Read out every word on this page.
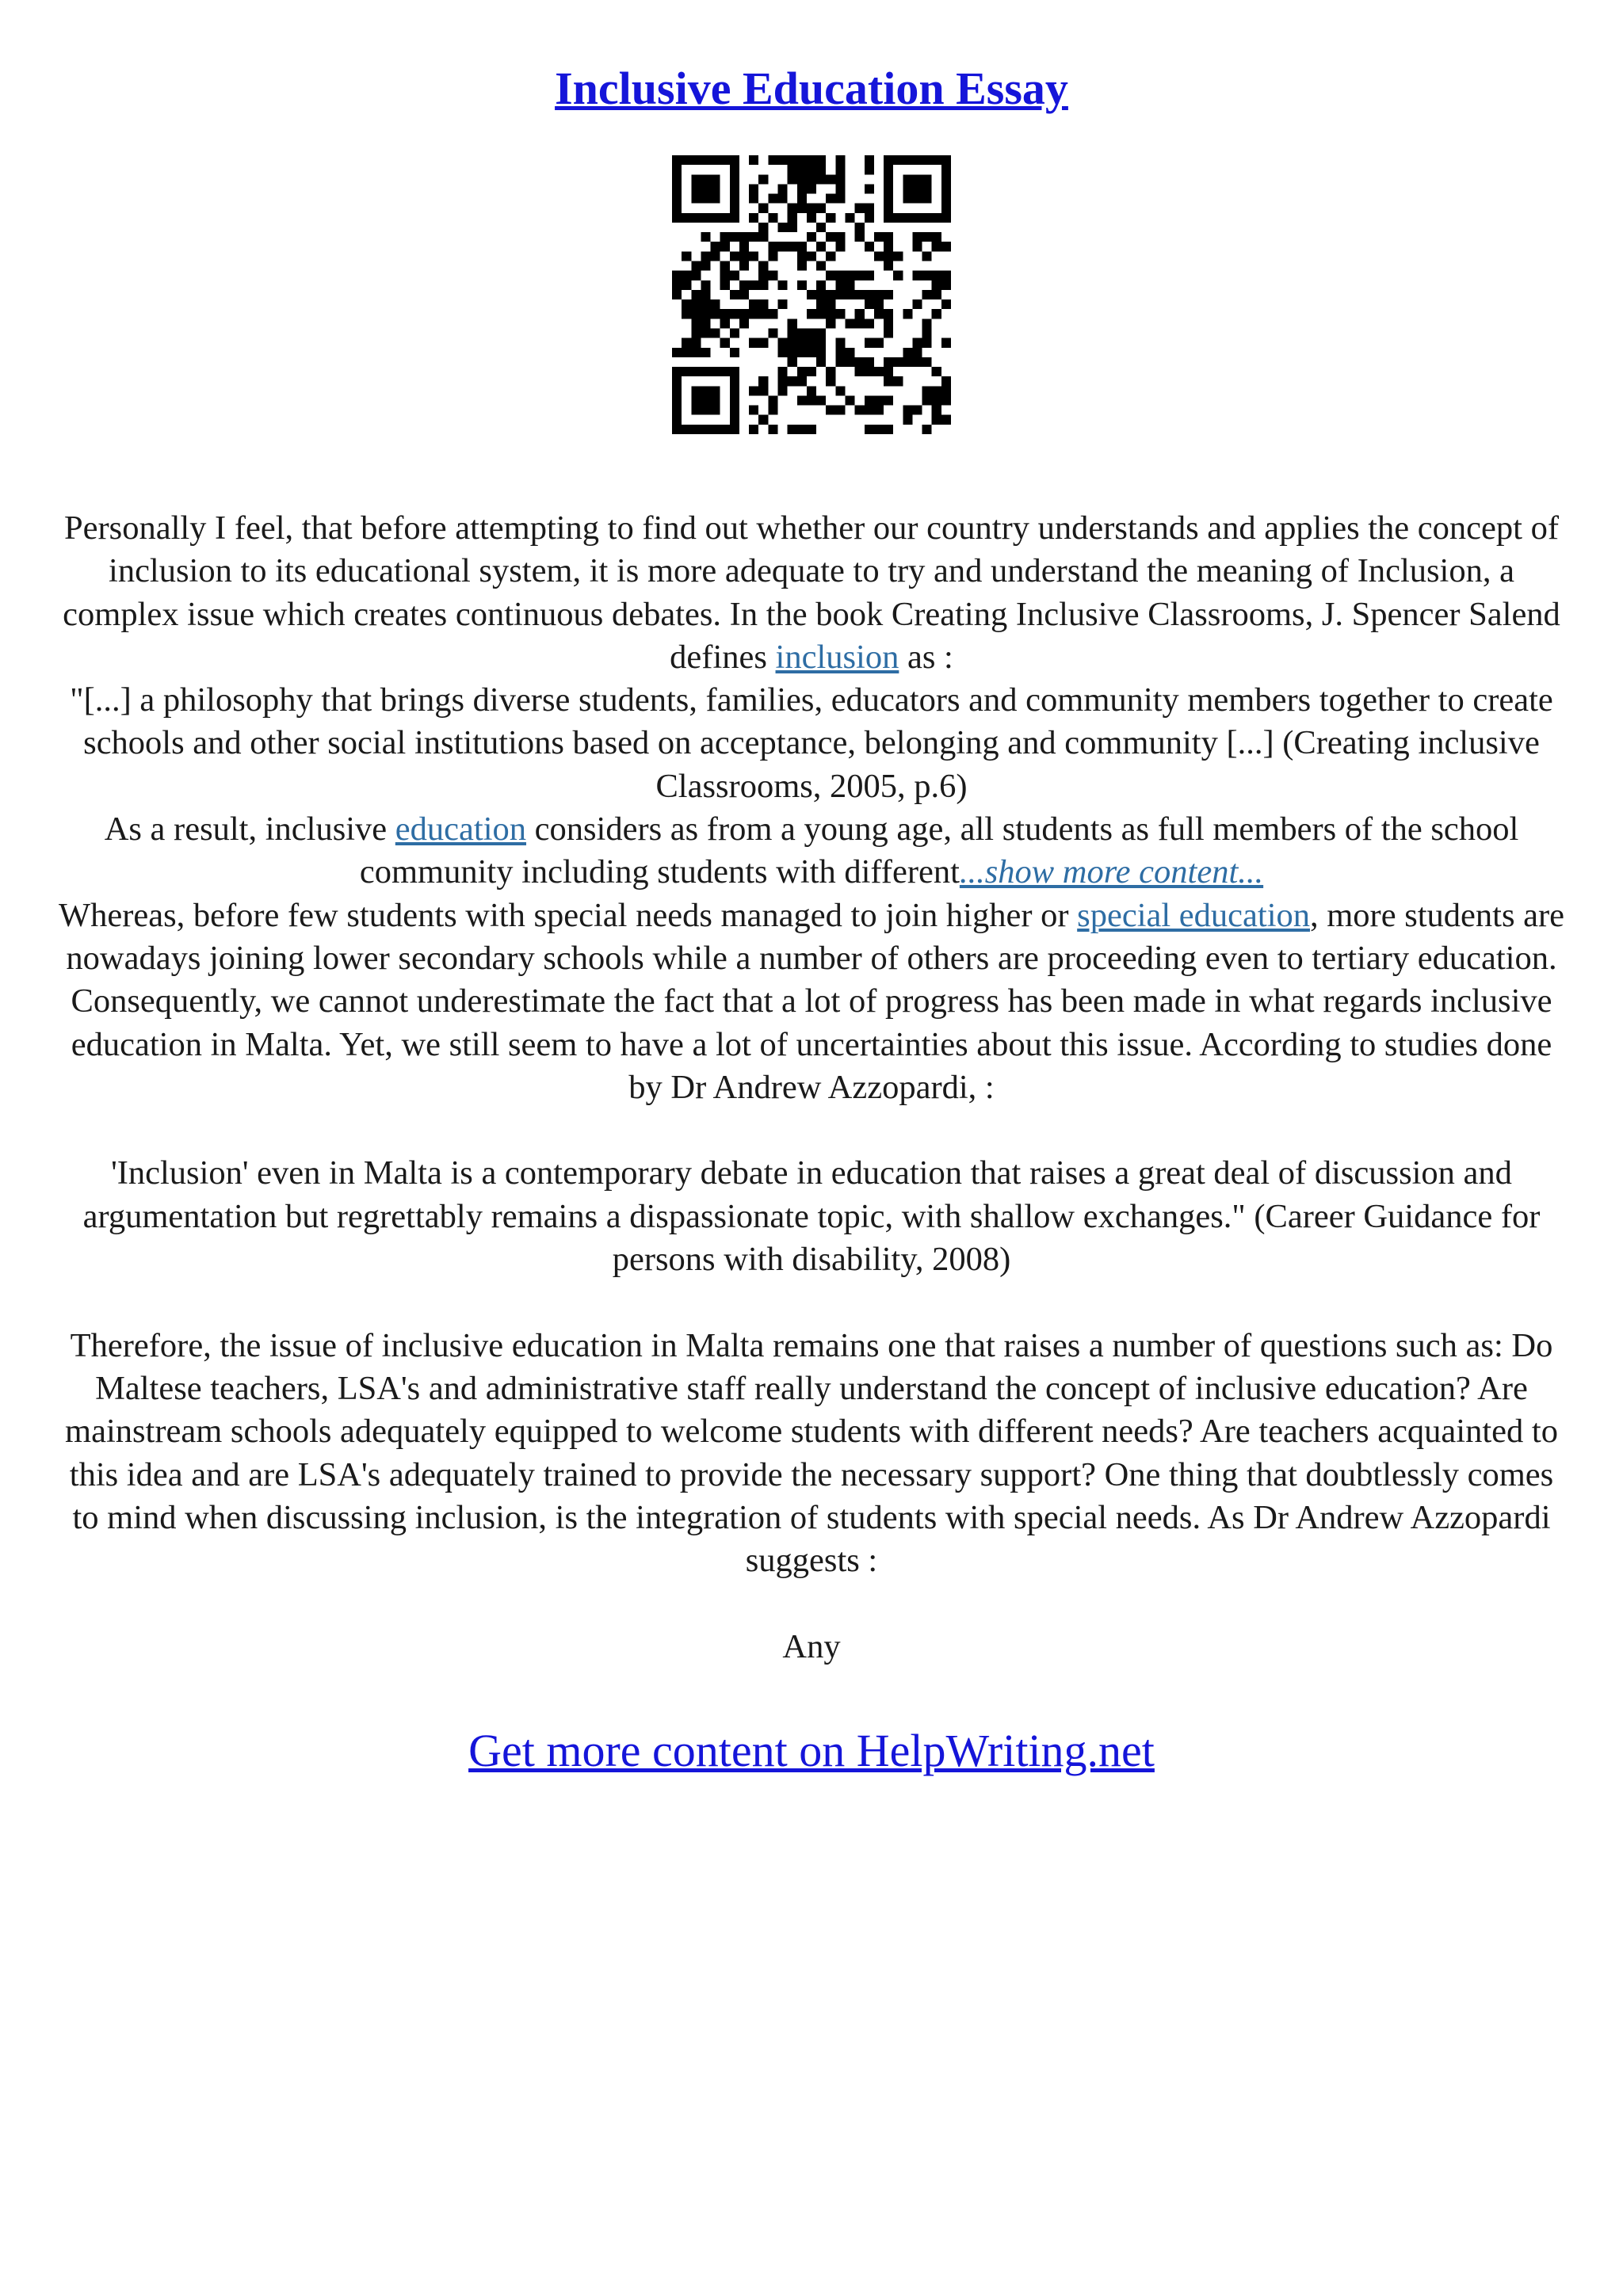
Inclusive Education Essay

Personally I feel, that before attempting to find out whether our country understands and applies the concept of inclusion to its educational system, it is more adequate to try and understand the meaning of Inclusion, a complex issue which creates continuous debates. In the book Creating Inclusive Classrooms, J. Spencer Salend defines inclusion as :

"[...] a philosophy that brings diverse students, families, educators and community members together to create schools and other social institutions based on acceptance, belonging and community [...] (Creating inclusive Classrooms, 2005, p.6)

As a result, inclusive education considers as from a young age, all students as full members of the school community including students with different...show more content...

Whereas, before few students with special needs managed to join higher or special education, more students are nowadays joining lower secondary schools while a number of others are proceeding even to tertiary education. Consequently, we cannot underestimate the fact that a lot of progress has been made in what regards inclusive education in Malta. Yet, we still seem to have a lot of uncertainties about this issue. According to studies done by Dr Andrew Azzopardi, :

'Inclusion' even in Malta is a contemporary debate in education that raises a great deal of discussion and argumentation but regrettably remains a dispassionate topic, with shallow exchanges." (Career Guidance for persons with disability, 2008)

Therefore, the issue of inclusive education in Malta remains one that raises a number of questions such as: Do Maltese teachers, LSA's and administrative staff really understand the concept of inclusive education? Are mainstream schools adequately equipped to welcome students with different needs? Are teachers acquainted to this idea and are LSA's adequately trained to provide the necessary support? One thing that doubtlessly comes to mind when discussing inclusion, is the integration of students with special needs. As Dr Andrew Azzopardi suggests :

Any

Get more content on HelpWriting.net
